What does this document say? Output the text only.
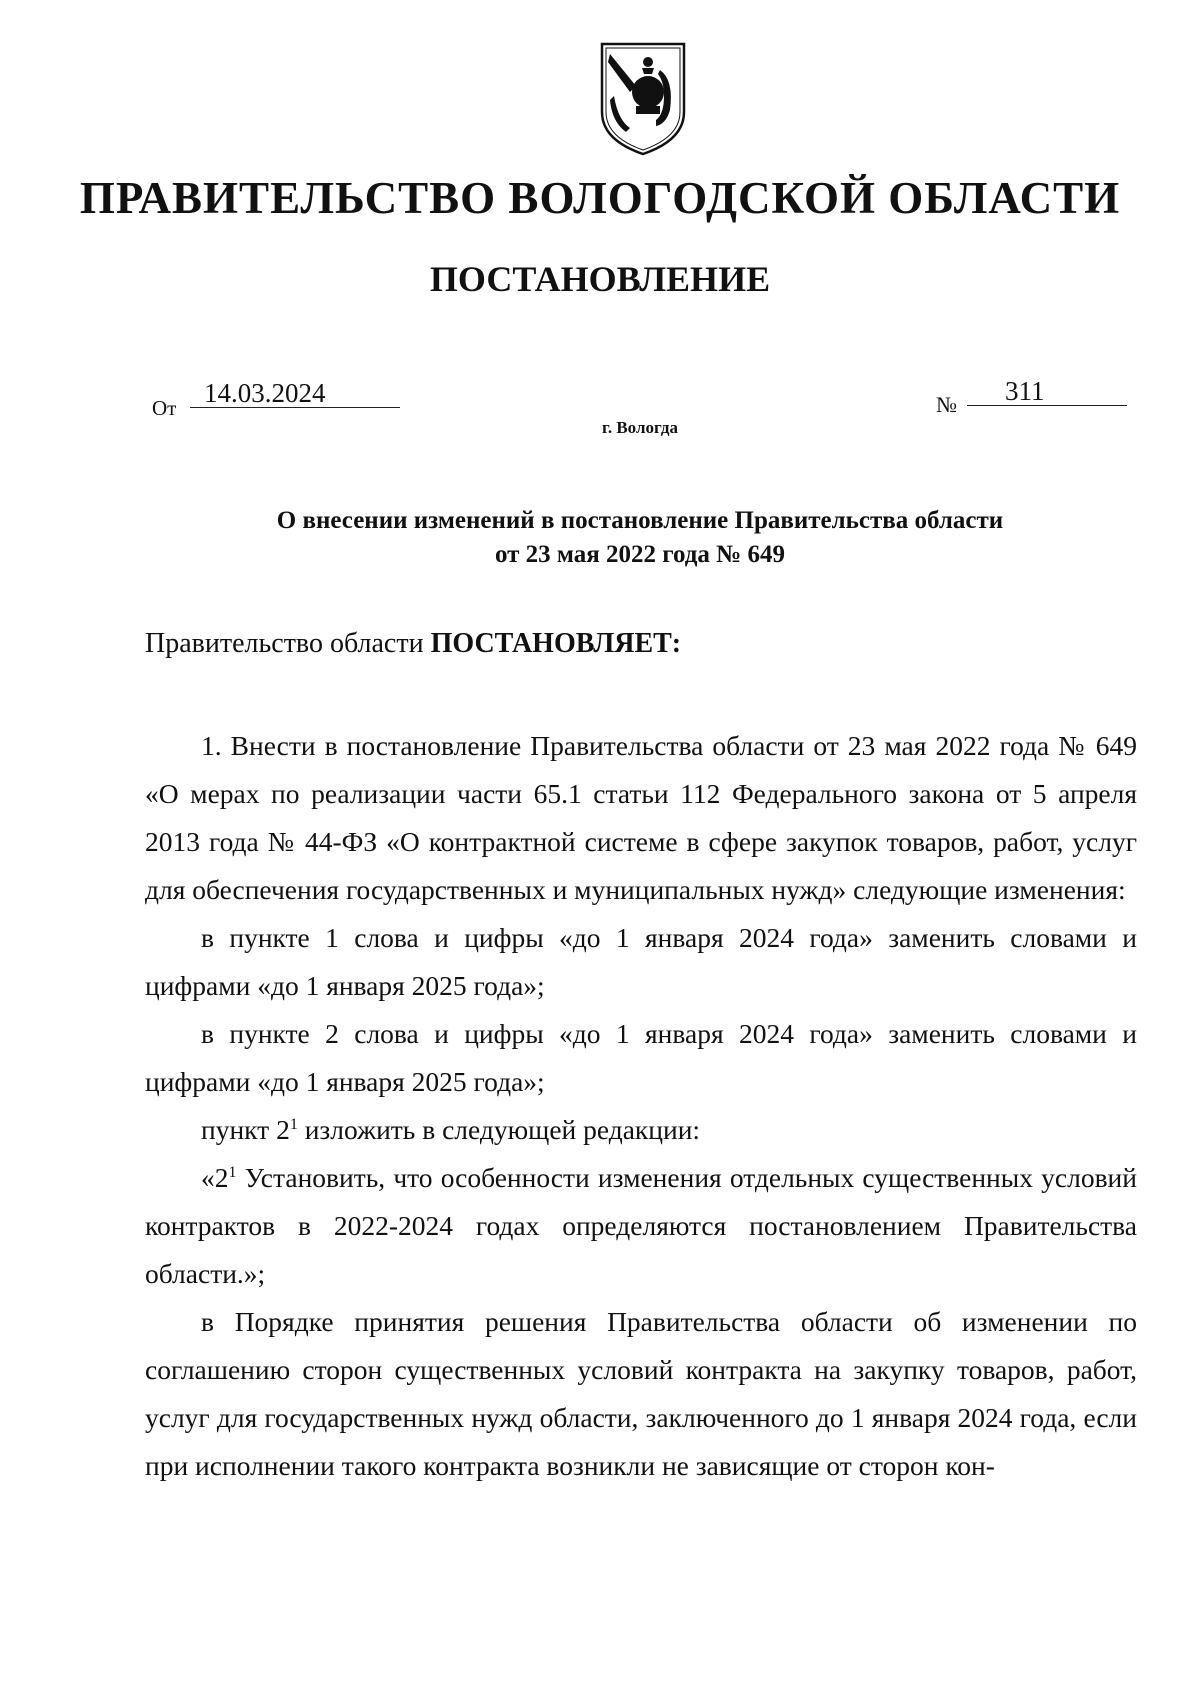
ПРАВИТЕЛЬСТВО ВОЛОГОДСКОЙ ОБЛАСТИ
ПОСТАНОВЛЕНИЕ
От	14.03.2024	№	311
г. Вологда
О внесении изменений в постановление Правительства области
от 23 мая 2022 года № 649
Правительство области ПОСТАНОВЛЯЕТ:

1. Внести в постановление Правительства области от 23 мая 2022 года № 649 «О мерах по реализации части 65.1 статьи 112 Федерального закона от 5 апреля 2013 года № 44-ФЗ «О контрактной системе в сфере закупок товаров, работ, услуг для обеспечения государственных и муниципальных нужд» следующие изменения:

в пункте 1 слова и цифры «до 1 января 2024 года» заменить словами и цифрами «до 1 января 2025 года»;

в пункте 2 слова и цифры «до 1 января 2024 года» заменить словами и цифрами «до 1 января 2025 года»;

пункт $2^1$ изложить в следующей редакции:

«$2^1$ Установить, что особенности изменения отдельных существенных условий контрактов в 2022-2024 годах определяются постановлением Правительства области.»;

в Порядке принятия решения Правительства области об изменении по соглашению сторон существенных условий контракта на закупку товаров, работ, услуг для государственных нужд области, заключенного до 1 января 2024 года, если при исполнении такого контракта возникли не зависящие от сторон кон-
